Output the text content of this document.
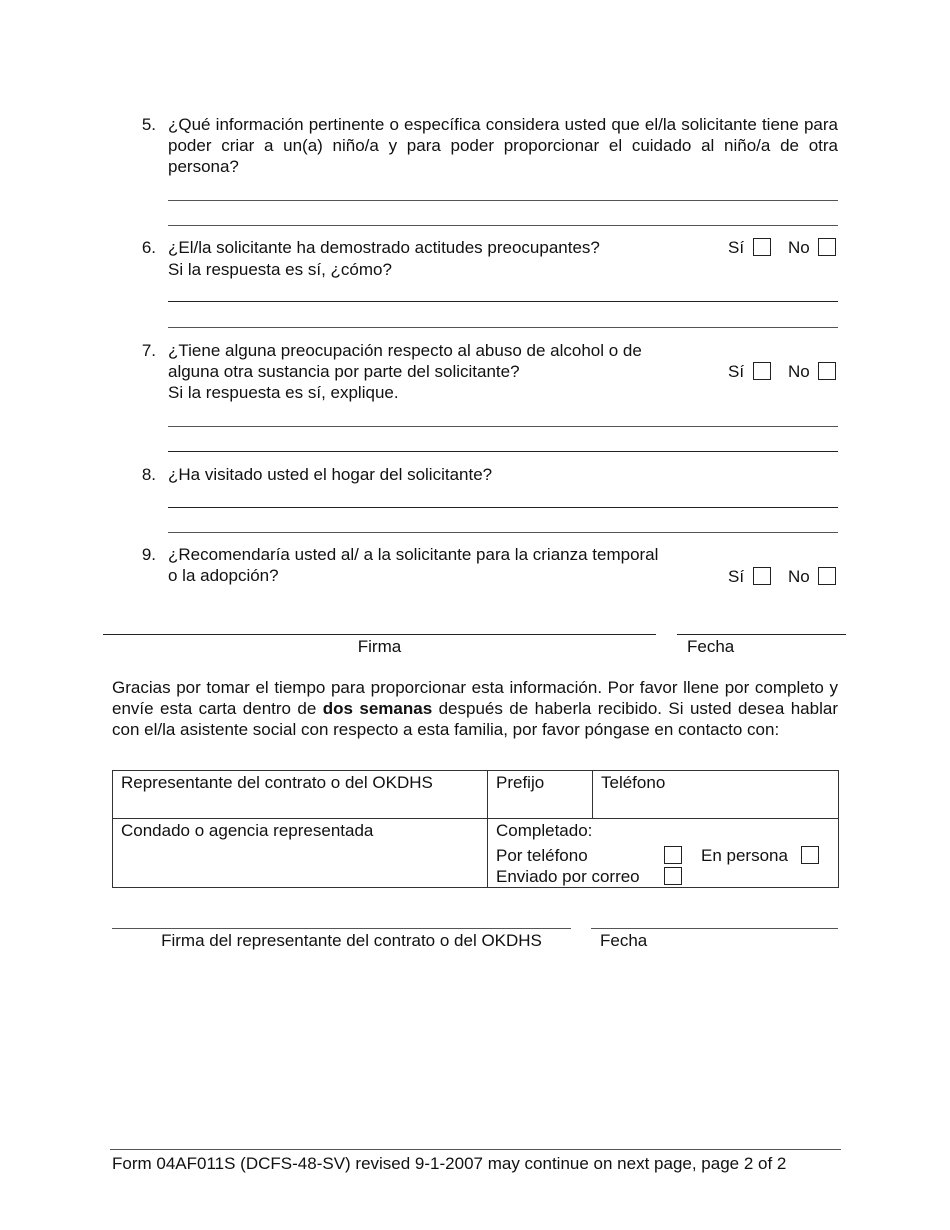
5. ¿Qué información pertinente o específica considera usted que el/la solicitante tiene para poder criar a un(a) niño/a y para poder proporcionar el cuidado al niño/a de otra persona?
6. ¿El/la solicitante ha demostrado actitudes preocupantes?
Si la respuesta es sí, ¿cómo?
Sí	No
7. ¿Tiene alguna preocupación respecto al abuso de alcohol o de
alguna otra sustancia por parte del solicitante?
Si la respuesta es sí, explique.
Sí	No
8. ¿Ha visitado usted el hogar del solicitante?
9. ¿Recomendaría usted al/ a la solicitante para la crianza temporal
o la adopción?	Sí	No
Firma	Fecha
Gracias por tomar el tiempo para proporcionar esta información. Por favor llene por completo y envíe esta carta dentro de dos semanas después de haberla recibido. Si usted desea hablar con el/la asistente social con respecto a esta familia, por favor póngase en contacto con:
Representante del contrato o del OKDHS	Prefijo	Teléfono
Condado o agencia representada	Completado:
Por teléfono	En persona
Enviado por correo
Firma del representante del contrato o del OKDHS	Fecha
Form 04AF011S (DCFS-48-SV) revised 9-1-2007 may continue on next page, page 2 of 2
